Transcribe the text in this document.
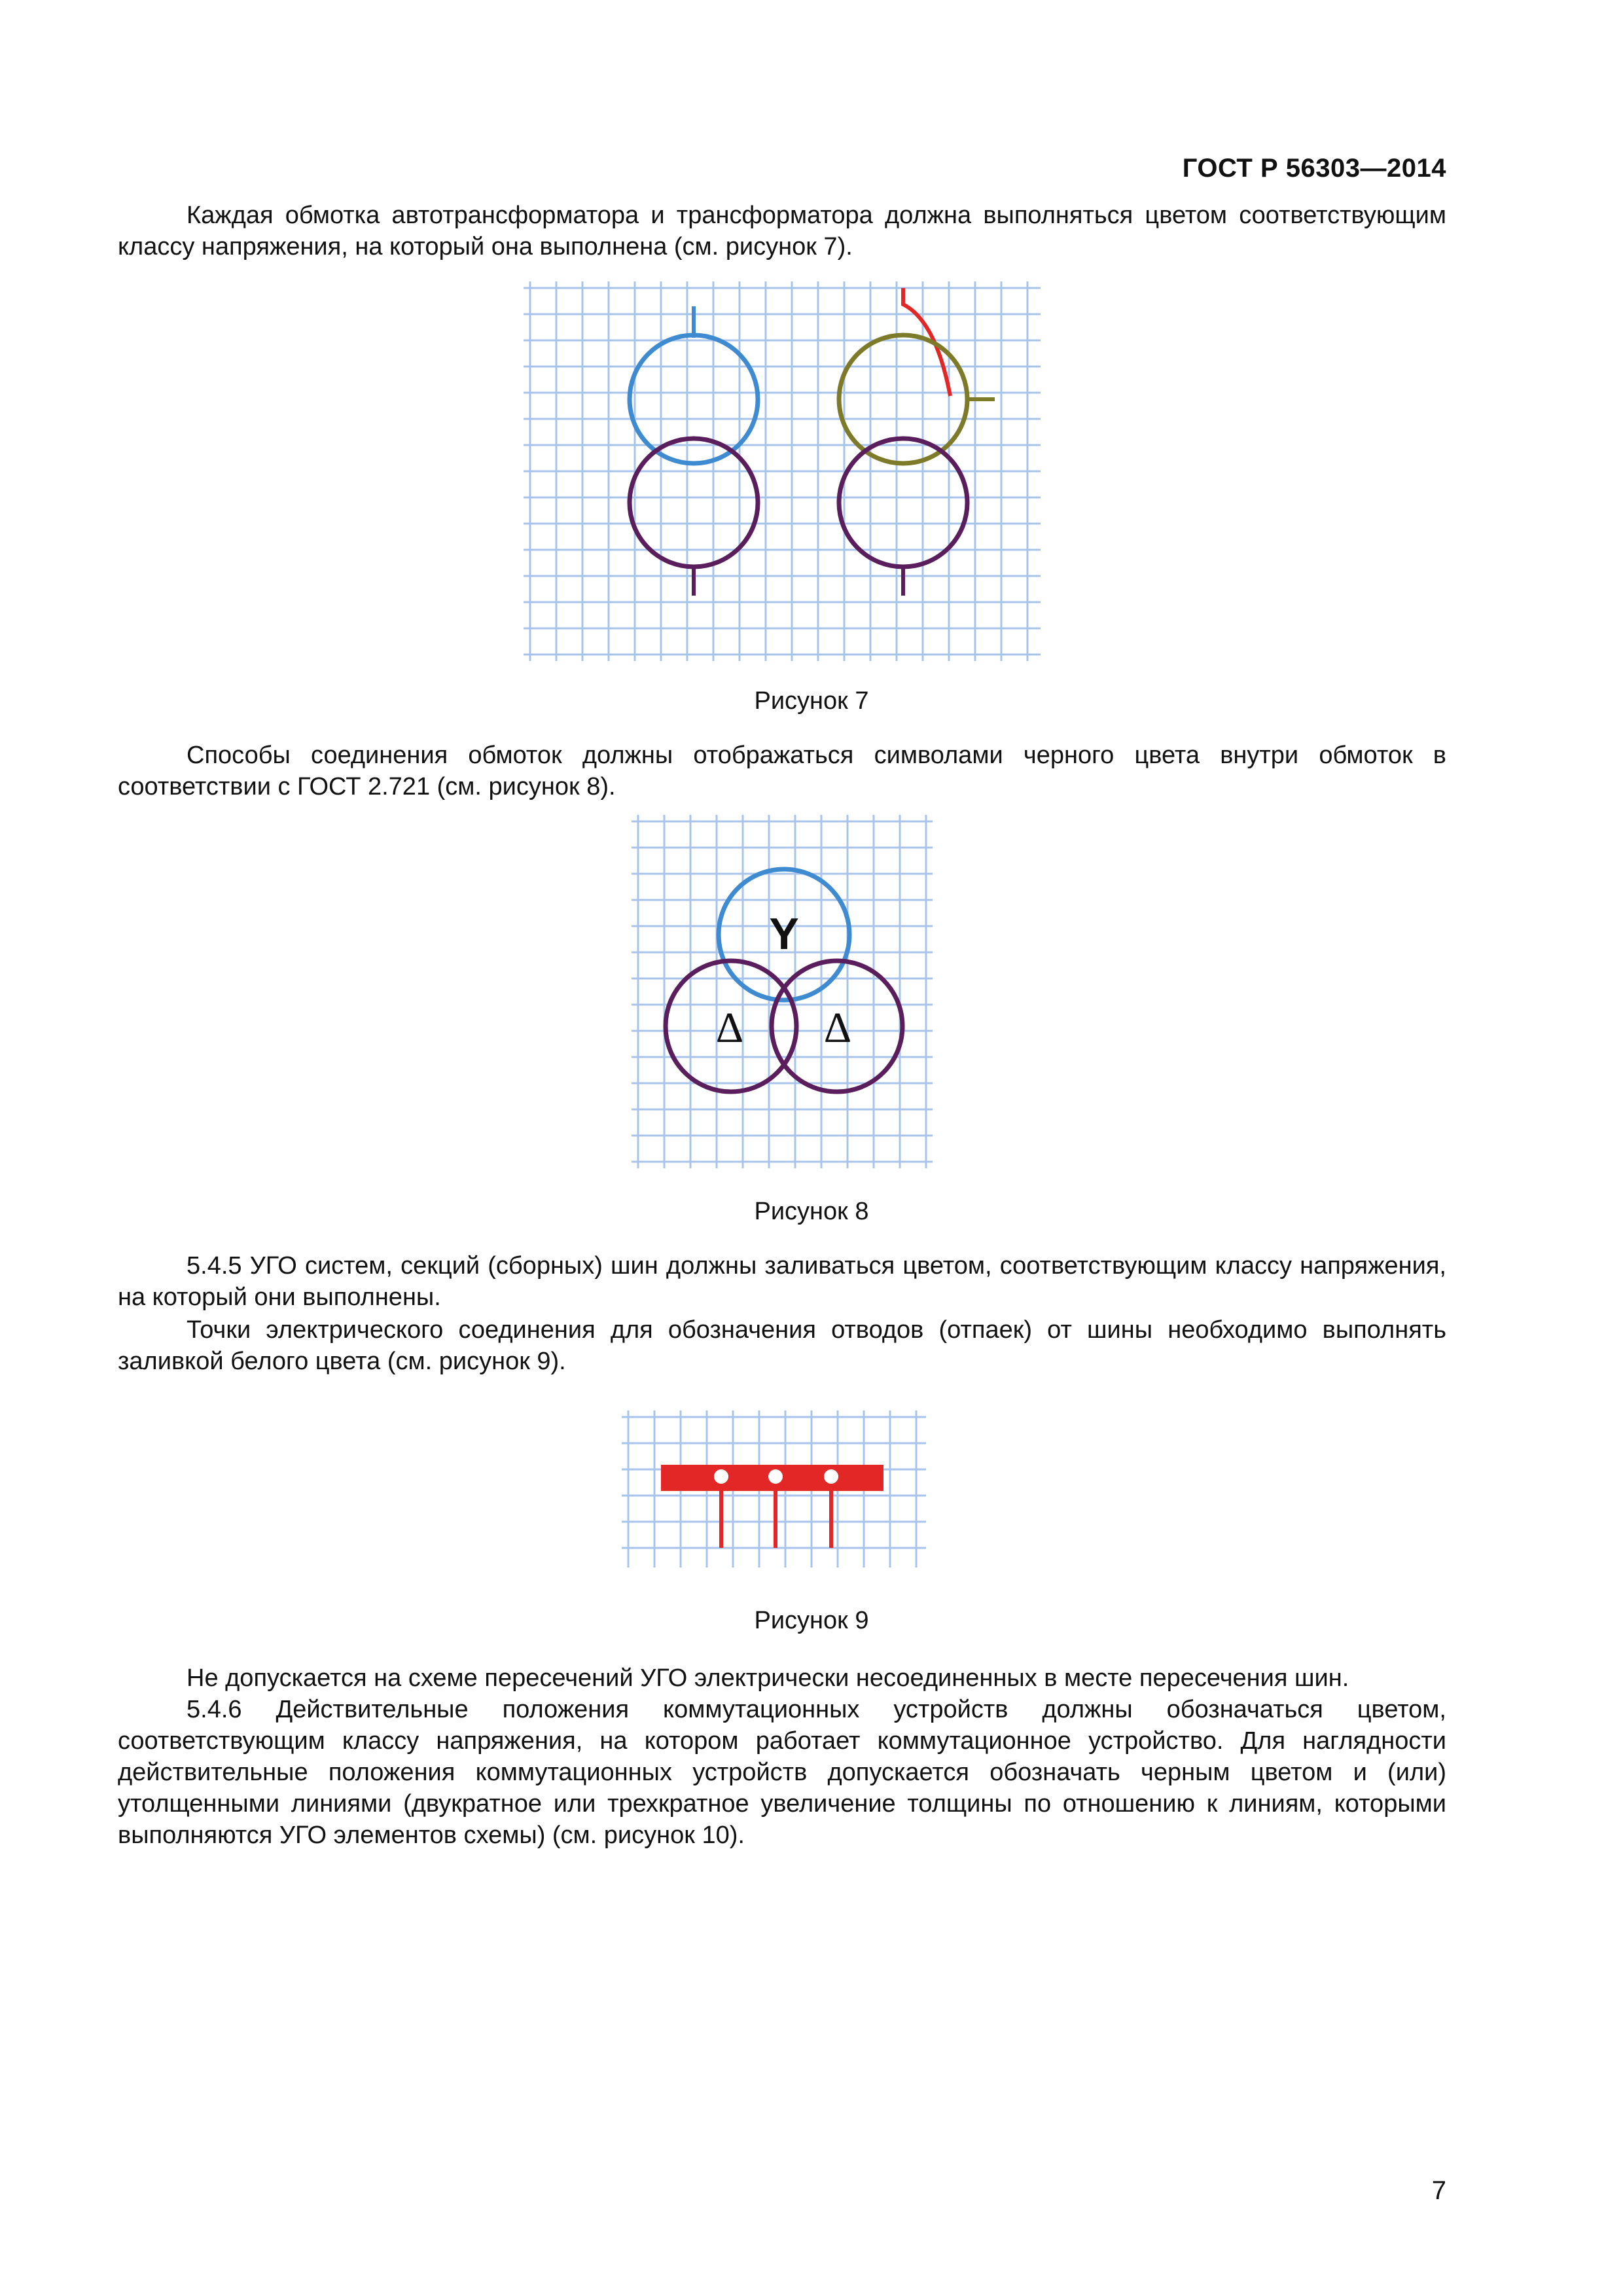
ГОСТ Р 56303—2014

Каждая обмотка автотрансформатора и трансформатора должна выполняться цветом соответствующим классу напряжения, на который она выполнена (см. рисунок 7).

Рисунок 7

Способы соединения обмоток должны отображаться символами черного цвета внутри обмоток в соответствии с ГОСТ 2.721 (см. рисунок 8).

Y
Δ Δ
Рисунок 8

5.4.5 УГО систем, секций (сборных) шин должны заливаться цветом, соответствующим классу напряжения, на который они выполнены.

Точки электрического соединения для обозначения отводов (отпаек) от шины необходимо выполнять заливкой белого цвета (см. рисунок 9).

Рисунок 9

Не допускается на схеме пересечений УГО электрически несоединенных в месте пересечения шин.

5.4.6 Действительные положения коммутационных устройств должны обозначаться цветом, соответствующим классу напряжения, на котором работает коммутационное устройство. Для наглядности действительные положения коммутационных устройств допускается обозначать черным цветом и (или) утолщенными линиями (двукратное или трехкратное увеличение толщины по отношению к линиям, которыми выполняются УГО элементов схемы) (см. рисунок 10).

7
